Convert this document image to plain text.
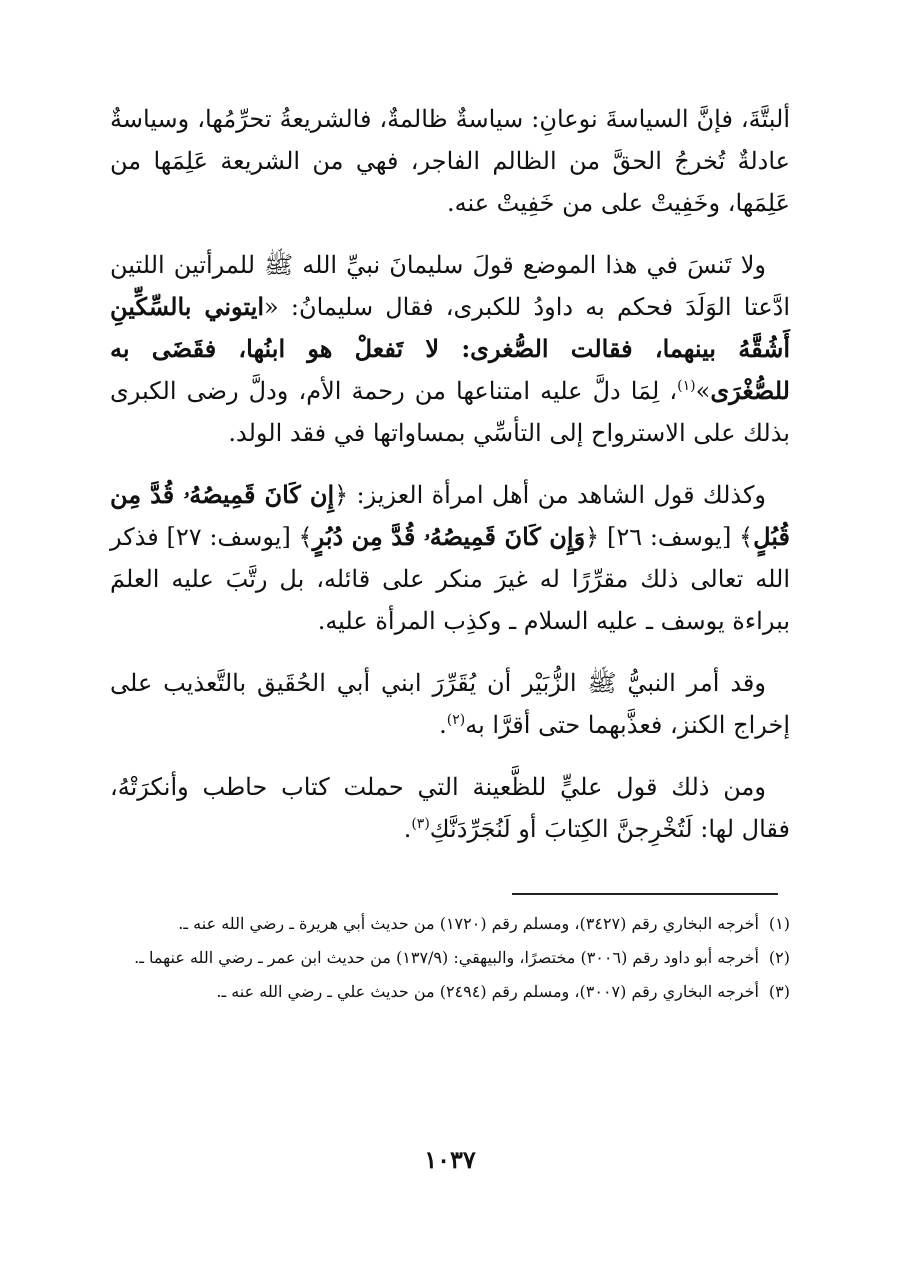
ألبتَّةَ، فإنَّ السياسةَ نوعانِ: سياسةٌ ظالمةٌ، فالشريعةُ تحرِّمُها، وسياسةٌ عادلةٌ تُخرجُ الحقَّ من الظالم الفاجر، فهي من الشريعة عَلِمَها من عَلِمَها، وخَفِيتْ على من خَفِيتْ عنه.

ولا تَنسَ في هذا الموضع قولَ سليمانَ نبيِّ الله ﷺ للمرأتين اللتين ادَّعتا الوَلَدَ فحكم به داودُ للكبرى، فقال سليمانُ: «ايتوني بالسِّكِّينِ أَشُقَّهُ بينهما، فقالت الصُّغرى: لا تَفعلْ هو ابنُها، فقَضَى به للصُّغْرَى»$^{(١)}$، لِمَا دلَّ عليه امتناعها من رحمة الأم، ودلَّ رضى الكبرى بذلك على الاسترواح إلى التأسِّي بمساواتها في فقد الولد.

وكذلك قول الشاهد من أهل امرأة العزيز: ﴿إِن كَانَ قَمِيصُهُۥ قُدَّ مِن قُبُلٍ﴾ [يوسف: ٢٦] ﴿وَإِن كَانَ قَمِيصُهُۥ قُدَّ مِن دُبُرٍ﴾ [يوسف: ٢٧] فذكر الله تعالى ذلك مقرِّرًا له غيرَ منكر على قائله، بل رتَّبَ عليه العلمَ ببراءة يوسف ـ عليه السلام ـ وكذِب المرأة عليه.

وقد أمر النبيُّ ﷺ الزُّبَيْر أن يُقَرِّرَ ابني أبي الحُقَيق بالتَّعذيب على إخراج الكنز، فعذَّبهما حتى أقرَّا به$^{(٢)}$.

ومن ذلك قول عليٍّ للظَّعينة التي حملت كتاب حاطب وأنكرَتْهُ، فقال لها: لَتُخْرِجنَّ الكِتابَ أو لَنُجَرِّدَنَّكِ$^{(٣)}$.

(١)
أخرجه البخاري رقم (٣٤٢٧)، ومسلم رقم (١٧٢٠) من حديث أبي هريرة ـ رضي الله عنه ـ.
(٢)
أخرجه أبو داود رقم (٣٠٠٦) مختصرًا، والبيهقي: (١٣٧/٩) من حديث ابن عمر ـ رضي الله عنهما ـ.
(٣)
أخرجه البخاري رقم (٣٠٠٧)، ومسلم رقم (٢٤٩٤) من حديث علي ـ رضي الله عنه ـ.
١٠٣٧
